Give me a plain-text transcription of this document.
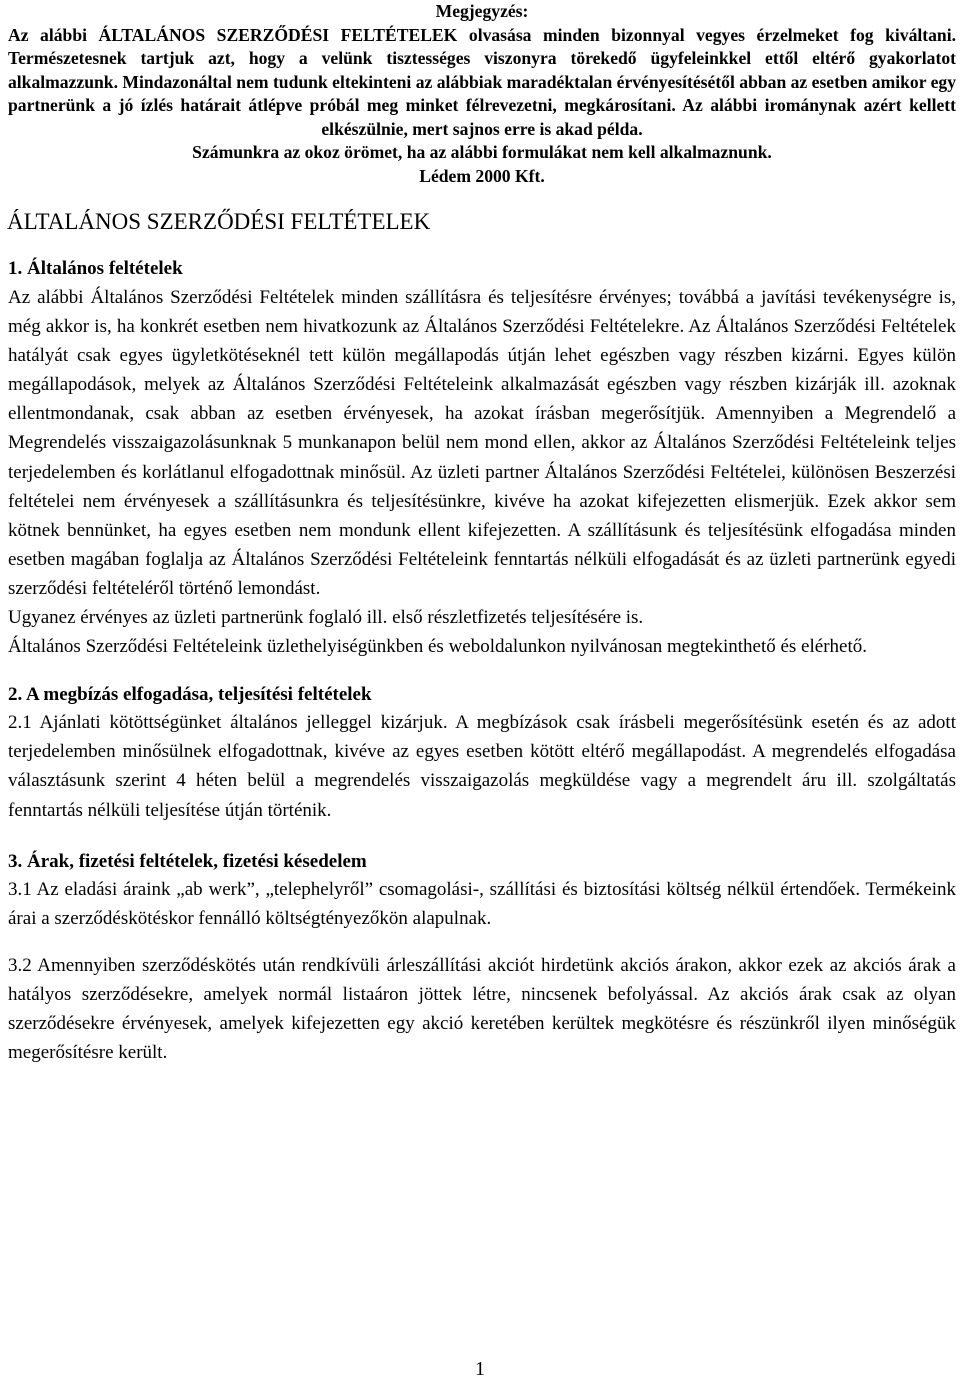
Megjegyzés:

Az alábbi ÁLTALÁNOS SZERZŐDÉSI FELTÉTELEK olvasása minden bizonnyal vegyes érzelmeket fog kiváltani. Természetesnek tartjuk azt, hogy a velünk tisztességes viszonyra törekedő ügyfeleinkkel ettől eltérő gyakorlatot alkalmazzunk. Mindazonáltal nem tudunk eltekinteni az alábbiak maradéktalan érvényesítésétől abban az esetben amikor egy partnerünk a jó ízlés határait átlépve próbál meg minket félrevezetni, megkárosítani. Az alábbi irománynak azért kellett elkészülnie, mert sajnos erre is akad példa.

Számunkra az okoz örömet, ha az alábbi formulákat nem kell alkalmaznunk.

Lédem 2000 Kft.

ÁLTALÁNOS SZERZŐDÉSI FELTÉTELEK
1. Általános feltételek

Az alábbi Általános Szerződési Feltételek minden szállításra és teljesítésre érvényes; továbbá a javítási tevékenységre is, még akkor is, ha konkrét esetben nem hivatkozunk az Általános Szerződési Feltételekre. Az Általános Szerződési Feltételek hatályát csak egyes ügyletkötéseknél tett külön megállapodás útján lehet egészben vagy részben kizárni. Egyes külön megállapodások, melyek az Általános Szerződési Feltételeink alkalmazását egészben vagy részben kizárják ill. azoknak ellentmondanak, csak abban az esetben érvényesek, ha azokat írásban megerősítjük. Amennyiben a Megrendelő a Megrendelés visszaigazolásunknak 5 munkanapon belül nem mond ellen, akkor az Általános Szerződési Feltételeink teljes terjedelemben és korlátlanul elfogadottnak minősül. Az üzleti partner Általános Szerződési Feltételei, különösen Beszerzési feltételei nem érvényesek a szállításunkra és teljesítésünkre, kivéve ha azokat kifejezetten elismerjük. Ezek akkor sem kötnek bennünket, ha egyes esetben nem mondunk ellent kifejezetten. A szállításunk és teljesítésünk elfogadása minden esetben magában foglalja az Általános Szerződési Feltételeink fenntartás nélküli elfogadását és az üzleti partnerünk egyedi szerződési feltételéről történő lemondást.

Ugyanez érvényes az üzleti partnerünk foglaló ill. első részletfizetés teljesítésére is.

Általános Szerződési Feltételeink üzlethelyiségünkben és weboldalunkon nyilvánosan megtekinthető és elérhető.

2. A megbízás elfogadása, teljesítési feltételek

2.1 Ajánlati kötöttségünket általános jelleggel kizárjuk. A megbízások csak írásbeli megerősítésünk esetén és az adott terjedelemben minősülnek elfogadottnak, kivéve az egyes esetben kötött eltérő megállapodást. A megrendelés elfogadása választásunk szerint 4 héten belül a megrendelés visszaigazolás megküldése vagy a megrendelt áru ill. szolgáltatás fenntartás nélküli teljesítése útján történik.

3. Árak, fizetési feltételek, fizetési késedelem

3.1 Az eladási áraink „ab werk”, „telephelyről” csomagolási-, szállítási és biztosítási költség nélkül értendőek. Termékeink árai a szerződéskötéskor fennálló költségtényezőkön alapulnak.

3.2 Amennyiben szerződéskötés után rendkívüli árleszállítási akciót hirdetünk akciós árakon, akkor ezek az akciós árak a hatályos szerződésekre, amelyek normál listaáron jöttek létre, nincsenek befolyással. Az akciós árak csak az olyan szerződésekre érvényesek, amelyek kifejezetten egy akció keretében kerültek megkötésre és részünkről ilyen minőségük megerősítésre került.

1
